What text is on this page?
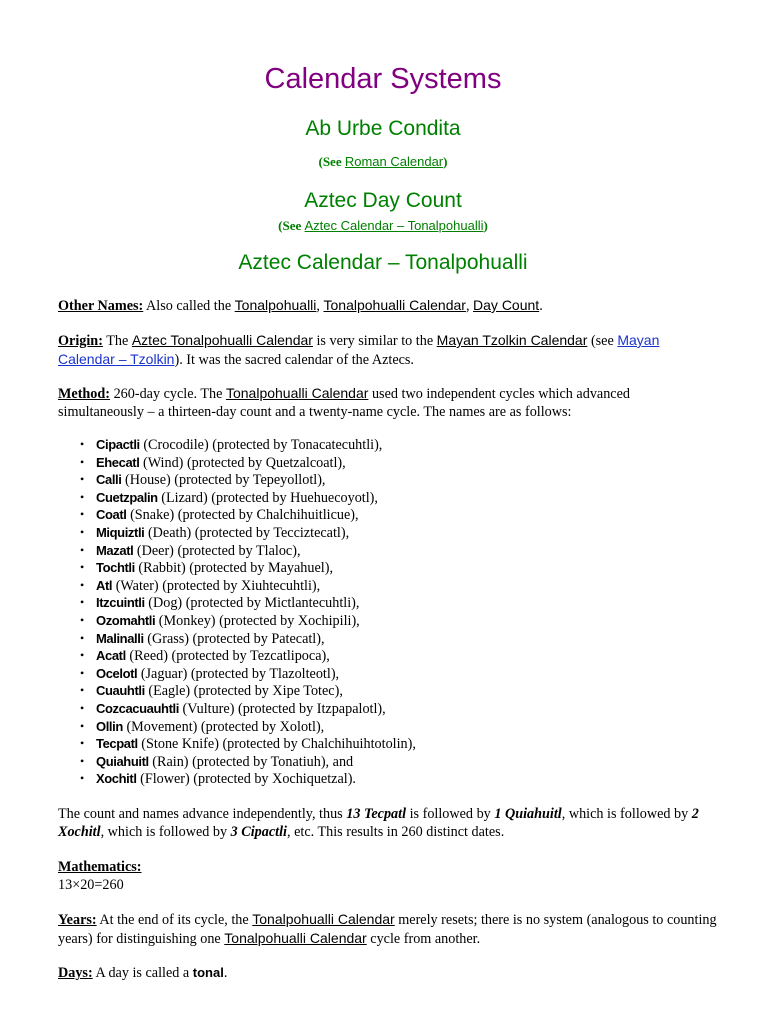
Calendar Systems
Ab Urbe Condita
(See Roman Calendar)
Aztec Day Count
(See Aztec Calendar – Tonalpohualli)
Aztec Calendar – Tonalpohualli
Other Names: Also called the Tonalpohualli, Tonalpohualli Calendar, Day Count.
Origin: The Aztec Tonalpohualli Calendar is very similar to the Mayan Tzolkin Calendar (see Mayan Calendar – Tzolkin). It was the sacred calendar of the Aztecs.
Method: 260-day cycle. The Tonalpohualli Calendar used two independent cycles which advanced simultaneously – a thirteen-day count and a twenty-name cycle. The names are as follows:
• Cipactli (Crocodile) (protected by Tonacatecuhtli),
• Ehecatl (Wind) (protected by Quetzalcoatl),
• Calli (House) (protected by Tepeyollotl),
• Cuetzpalin (Lizard) (protected by Huehuecoyotl),
• Coatl (Snake) (protected by Chalchihuitlicue),
• Miquiztli (Death) (protected by Tecciztecatl),
• Mazatl (Deer) (protected by Tlaloc),
• Tochtli (Rabbit) (protected by Mayahuel),
• Atl (Water) (protected by Xiuhtecuhtli),
• Itzcuintli (Dog) (protected by Mictlantecuhtli),
• Ozomahtli (Monkey) (protected by Xochipili),
• Malinalli (Grass) (protected by Patecatl),
• Acatl (Reed) (protected by Tezcatlipoca),
• Ocelotl (Jaguar) (protected by Tlazolteotl),
• Cuauhtli (Eagle) (protected by Xipe Totec),
• Cozcacuauhtli (Vulture) (protected by Itzpapalotl),
• Ollin (Movement) (protected by Xolotl),
• Tecpatl (Stone Knife) (protected by Chalchihuihtotolin),
• Quiahuitl (Rain) (protected by Tonatiuh), and
• Xochitl (Flower) (protected by Xochiquetzal).
The count and names advance independently, thus 13 Tecpatl is followed by 1 Quiahuitl, which is followed by 2 Xochitl, which is followed by 3 Cipactli, etc. This results in 260 distinct dates.
Mathematics:
13×20=260
Years: At the end of its cycle, the Tonalpohualli Calendar merely resets; there is no system (analogous to counting years) for distinguishing one Tonalpohualli Calendar cycle from another.
Days: A day is called a tonal.
